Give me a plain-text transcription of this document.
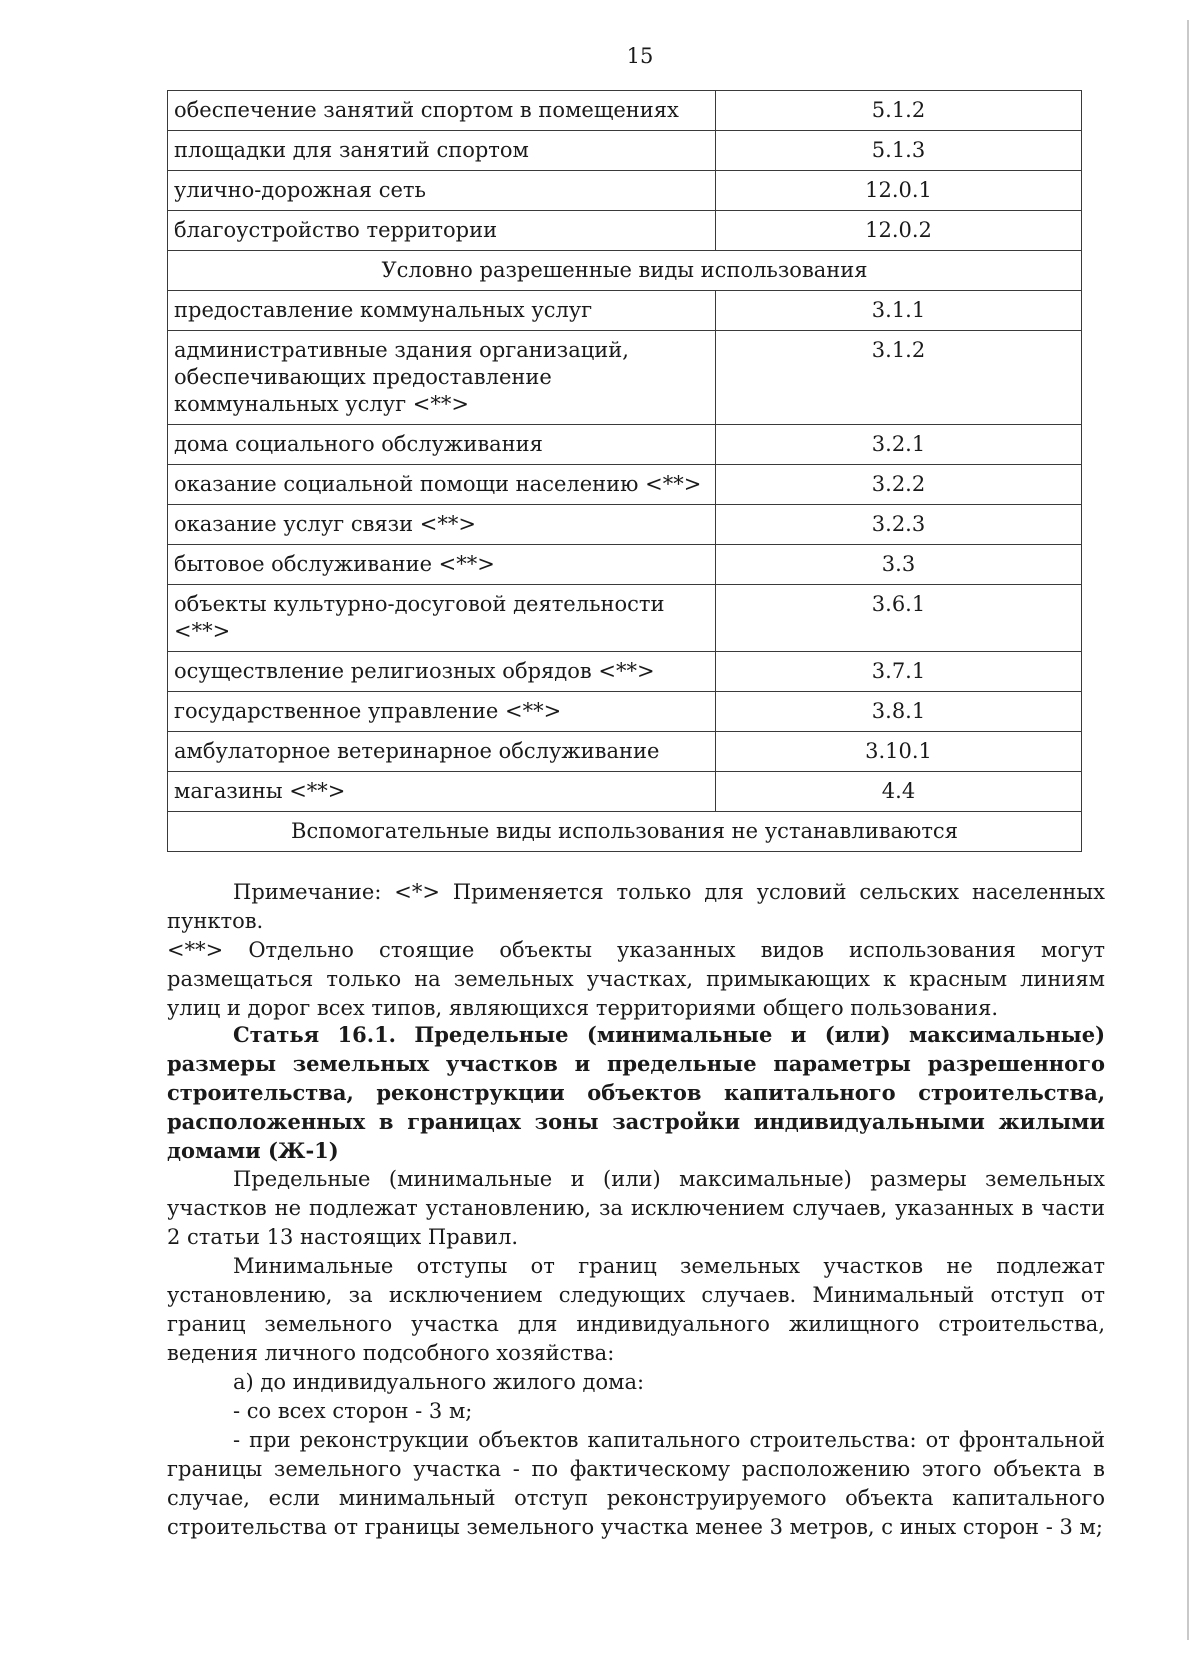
15
обеспечение занятий спортом в помещениях	5.1.2
площадки для занятий спортом	5.1.3
улично-дорожная сеть	12.0.1
благоустройство территории	12.0.2
Условно разрешенные виды использования	
предоставление коммунальных услуг	3.1.1
административные здания организаций, обеспечивающих предоставление коммунальных услуг <**>	3.1.2
дома социального обслуживания	3.2.1
оказание социальной помощи населению <**>	3.2.2
оказание услуг связи <**>	3.2.3
бытовое обслуживание <**>	3.3
объекты культурно-досуговой деятельности <**>	3.6.1
осуществление религиозных обрядов <**>	3.7.1
государственное управление <**>	3.8.1
амбулаторное ветеринарное обслуживание	3.10.1
магазины <**>	4.4
Вспомогательные виды использования не устанавливаются	

Примечание: <*> Применяется только для условий сельских населенных пунктов.

<**> Отдельно стоящие объекты указанных видов использования могут размещаться только на земельных участках, примыкающих к красным линиям улиц и дорог всех типов, являющихся территориями общего пользования.

Статья 16.1. Предельные (минимальные и (или) максимальные) размеры земельных участков и предельные параметры разрешенного строительства, реконструкции объектов капитального строительства, расположенных в границах зоны застройки индивидуальными жилыми домами (Ж-1)

Предельные (минимальные и (или) максимальные) размеры земельных участков не подлежат установлению, за исключением случаев, указанных в части 2 статьи 13 настоящих Правил.

Минимальные отступы от границ земельных участков не подлежат установлению, за исключением следующих случаев. Минимальный отступ от границ земельного участка для индивидуального жилищного строительства, ведения личного подсобного хозяйства:

а) до индивидуального жилого дома:

- со всех сторон - 3 м;

- при реконструкции объектов капитального строительства: от фронтальной границы земельного участка - по фактическому расположению этого объекта в случае, если минимальный отступ реконструируемого объекта капитального строительства от границы земельного участка менее 3 метров, с иных сторон - 3 м;
